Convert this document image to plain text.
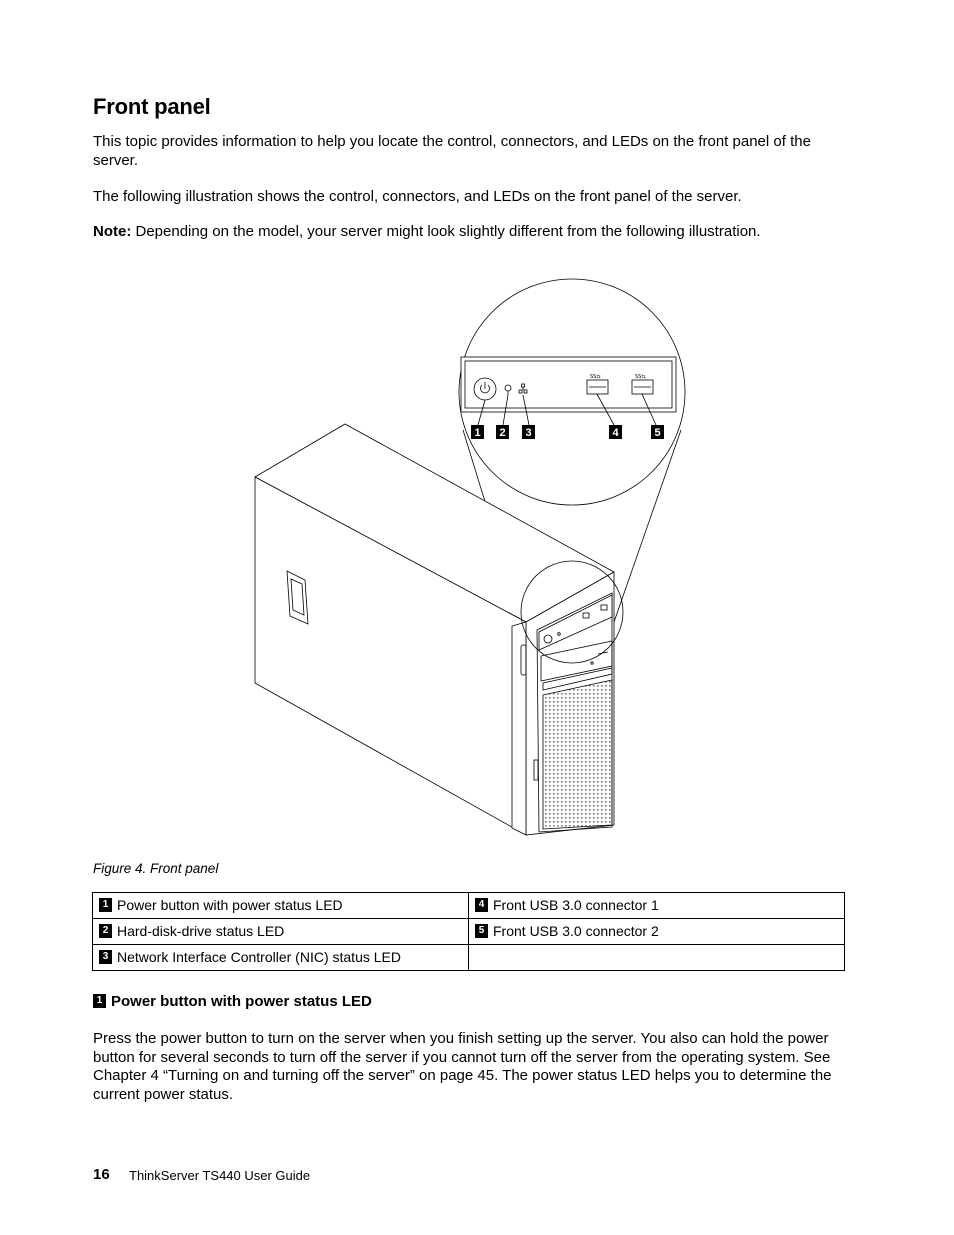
Front panel

This topic provides information to help you locate the control, connectors, and LEDs on the front panel of the server.

The following illustration shows the control, connectors, and LEDs on the front panel of the server.

Note: Depending on the model, your server might look slightly different from the following illustration.

SS⇆	SS⇆
1 2 3	4	5
Figure 4. Front panel
1 Power button with power status LED	4 Front USB 3.0 connector 1
2 Hard-disk-drive status LED	5 Front USB 3.0 connector 2
3 Network Interface Controller (NIC) status LED	
1 Power button with power status LED

Press the power button to turn on the server when you finish setting up the server. You also can hold the power button for several seconds to turn off the server if you cannot turn off the server from the operating system. See Chapter 4 “Turning on and turning off the server” on page 45. The power status LED helps you to determine the current power status.

16 ThinkServer TS440 User Guide
